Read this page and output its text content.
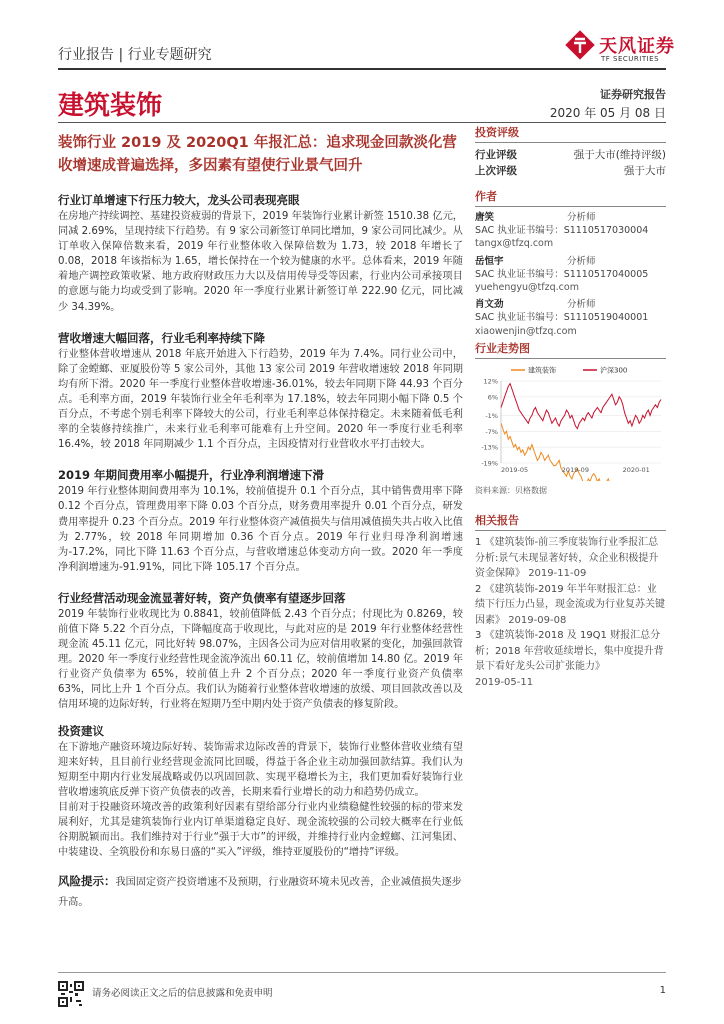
行业报告 | 行业专题研究	天风证券
TF SECURITIES
建筑装饰	证券研究报告
2020 年 05 月 08 日
装饰行业 2019 及 2020Q1 年报汇总：追求现金回款淡化营收增速成普遍选择，多因素有望使行业景气回升
行业订单增速下行压力较大，龙头公司表现亮眼
在房地产持续调控、基建投资疲弱的背景下，2019 年装饰行业累计新签 1510.38 亿元，同减 2.69%，呈现持续下行趋势。有 9 家公司新签订单同比增加，9 家公司同比减少。从订单收入保障倍数来看，2019 年行业整体收入保障倍数为 1.73，较 2018 年增长了 0.08，2018 年该指标为 1.65，增长保持在一个较为健康的水平。总体看来，2019 年随着地产调控政策收紧、地方政府财政压力大以及信用传导受等因素，行业内公司承接项目的意愿与能力均或受到了影响。2020 年一季度行业累计新签订单 222.90 亿元，同比减少 34.39%。
营收增速大幅回落，行业毛利率持续下降
行业整体营收增速从 2018 年底开始进入下行趋势，2019 年为 7.4%。同行业公司中，除了金螳螂、亚厦股份等 5 家公司外，其他 13 家公司 2019 年营收增速较 2018 年同期均有所下滑。2020 年一季度行业整体营收增速-36.01%，较去年同期下降 44.93 个百分点。毛利率方面，2019 年装饰行业全年毛利率为 17.18%，较去年同期小幅下降 0.5 个百分点，不考虑个别毛利率下降较大的公司，行业毛利率总体保持稳定。未来随着低毛利率的全装修持续推广，未来行业毛利率可能难有上升空间。2020 年一季度行业毛利率 16.4%，较 2018 年同期减少 1.1 个百分点，主因疫情对行业营收水平打击较大。
2019 年期间费用率小幅提升，行业净利润增速下滑
2019 年行业整体期间费用率为 10.1%，较前值提升 0.1 个百分点，其中销售费用率下降 0.12 个百分点，管理费用率下降 0.03 个百分点，财务费用率提升 0.01 个百分点，研发费用率提升 0.23 个百分点。2019 年行业整体资产减值损失与信用减值损失共占收入比值为 2.77%，较 2018 年同期增加 0.36 个百分点。2019 年行业归母净利润增速为-17.2%，同比下降 11.63 个百分点，与营收增速总体变动方向一致。2020 年一季度净利润增速为-91.91%，同比下降 105.17 个百分点。
行业经营活动现金流显著好转，资产负债率有望逐步回落
2019 年装饰行业收现比为 0.8841，较前值降低 2.43 个百分点；付现比为 0.8269，较前值下降 5.22 个百分点，下降幅度高于收现比，与此对应的是 2019 年行业整体经营性现金流 45.11 亿元，同比好转 98.07%，主因各公司为应对信用收紧的变化，加强回款管理。2020 年一季度行业经营性现金流净流出 60.11 亿，较前值增加 14.80 亿。2019 年行业资产负债率为 65%，较前值上升 2 个百分点；2020 年一季度行业资产负债率 63%，同比上升 1 个百分点。我们认为随着行业整体营收增速的放缓、项目回款改善以及信用环境的边际好转，行业将在短期乃至中期内处于资产负债表的修复阶段。
投资建议
在下游地产融资环境边际好转、装饰需求边际改善的背景下，装饰行业整体营收业绩有望迎来好转，且目前行业经营现金流同比回暖，得益于各企业主动加强回款结算。我们认为短期至中期内行业发展战略或仍以巩固回款、实现平稳增长为主，我们更加看好装饰行业营收增速筑底反弹下资产负债表的改善，长期来看行业增长的动力和趋势仍成立。
目前对于投融资环境改善的政策利好因素有望给部分行业内业绩稳健性较强的标的带来发展利好，尤其是建筑装饰行业内订单渠道稳定良好、现金流较强的公司较大概率在行业低谷期脱颖而出。我们维持对于行业“强于大市”的评级，并维持行业内金螳螂、江河集团、中装建设、全筑股份和东易日盛的“买入”评级，维持亚厦股份的“增持”评级。
风险提示：我国固定资产投资增速不及预期，行业融资环境未见改善，企业减值损失逐步升高。
投资评级
行业评级	强于大市(维持评级)
上次评级	强于大市
作者
唐笑	分析师
SAC 执业证书编号：S1110517030004
tangx@tfzq.com
岳恒宇	分析师
SAC 执业证书编号：S1110517040005
yuehengyu@tfzq.com
肖文劲	分析师
SAC 执业证书编号：S1110519040001
xiaowenjin@tfzq.com
行业走势图
12%
6%
-1%
-7%
-13%
-19%
2019-05	2019-09	2020-01
建筑装饰	沪深300
资料来源：贝格数据
相关报告
1 《建筑装饰-前三季度装饰行业季报汇总分析:景气未现显著好转，众企业积极提升资金保障》 2019-11-09
2 《建筑装饰-2019 年半年财报汇总：业绩下行压力凸显，现金流或为行业复苏关键因素》 2019-09-08
3 《建筑装饰-2018 及 19Q1 财报汇总分析；2018 年营收延续增长，集中度提升背景下看好龙头公司扩张能力》
2019-05-11
请务必阅读正文之后的信息披露和免责申明	1
